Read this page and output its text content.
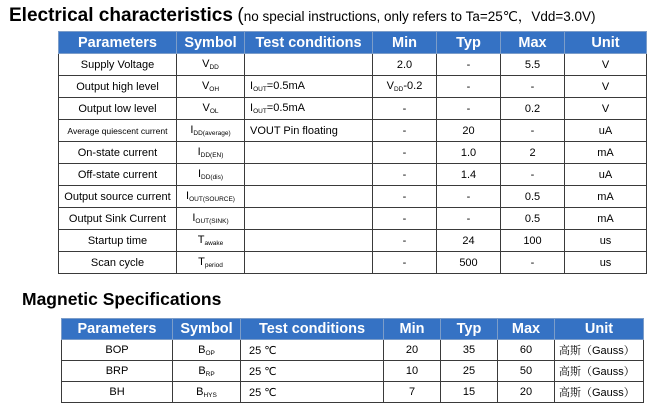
Electrical characteristics (no special instructions, only refers to Ta=25℃，Vdd=3.0V)
Parameters	Symbol	Test conditions	Min	Typ	Max	Unit
Supply Voltage	$V_{DD}$		2.0	-	5.5	V
Output high level	$V_{OH}$	$I_{OUT}=0.5mA$	$V_{DD}-0.2$	-	-	V
Output low level	$V_{OL}$	$I_{OUT}=0.5mA$	-	-	0.2	V
Average quiescent current	$I_{DD(average)}$	VOUT Pin floating	-	20	-	uA
On-state current	$I_{DD(EN)}$		-	1.0	2	mA
Off-state current	$I_{DD(dis)}$		-	1.4	-	uA
Output source current	$I_{OUT(SOURCE)}$		-	-	0.5	mA
Output Sink Current	$I_{OUT(SINK)}$		-	-	0.5	mA
Startup time	$T_{awake}$		-	24	100	us
Scan cycle	$T_{period}$		-	500	-	us
Magnetic Specifications
Parameters	Symbol	Test conditions	Min	Typ	Max	Unit
BOP	$B_{OP}$	25 ℃	20	35	60	高斯（Gauss）
BRP	$B_{RP}$	25 ℃	10	25	50	高斯（Gauss）
BH	$B_{HYS}$	25 ℃	7	15	20	高斯（Gauss）
